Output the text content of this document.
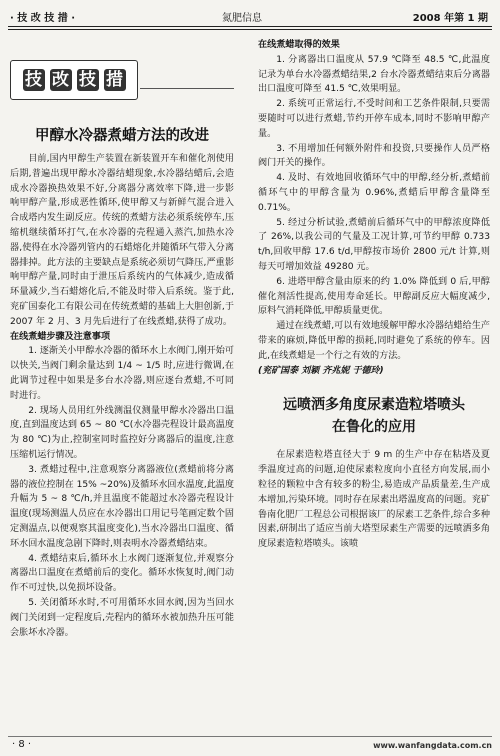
· 技 改 技 措 ·	氮肥信息	2008 年第 1 期
技 改 技 措
甲醇水冷器煮蜡方法的改进

目前,国内甲醇生产装置在新装置开车和催化剂使用后期,普遍出现甲醇水冷器结蜡现象,水冷器结蜡后,会造成水冷器换热效果不好,分离器分离效率下降,进一步影响甲醇产量,形成恶性循环,使甲醇又与新鲜气混合进入合成塔内发生副反应。传统的煮蜡方法必须系统停车,压缩机继续循环打气,在水冷器的壳程通入蒸汽,加热水冷器,使得在水冷器列管内的石蜡熔化并随循环气带入分离器排掉。此方法的主要缺点是系统必须切气降压,严重影响甲醇产量,同时由于泄压后系统内的气体减少,造成循环量减少,当石蜡熔化后,不能及时带入后系统。鉴于此,兖矿国泰化工有限公司在传统煮蜡的基础上大胆创新,于 2007 年 2 月、3 月先后进行了在线煮蜡,获得了成功。

在线煮蜡步骤及注意事项

1. 逐渐关小甲醇水冷器的循环水上水阀门,刚开始可以快关,当阀门剩余量达到 1/4 ~ 1/5 时,应进行微调,在此调节过程中如果是多台水冷器,则应逐台煮蜡,不可同时进行。

2. 现场人员用红外线测温仪测量甲醇水冷器出口温度,直到温度达到 65 ~ 80 ℃(水冷器壳程设计最高温度为 80 ℃)为止,控制室同时监控好分离器后的温度,注意压缩机运行情况。

3. 煮蜡过程中,注意观察分离器液位(煮蜡前将分离器的液位控制在 15% ~20%)及循环水回水温度,此温度升幅为 5 ~ 8 ℃/h,并且温度不能超过水冷器壳程设计温度(现场测温人员应在水冷器出口用记号笔画定数个固定测温点,以便观察其温度变化),当水冷器出口温度、循环水回水温度急剧下降时,则表明水冷器煮蜡结束。

4. 煮蜡结束后,循环水上水阀门逐渐复位,并观察分离器出口温度在煮蜡前后的变化。循环水恢复时,阀门动作不可过快,以免损坏设备。

5. 关闭循环水时,不可用循环水回水阀,因为当回水阀门关闭到一定程度后,壳程内的循环水被加热升压可能会胀坏水冷器。

在线煮蜡取得的效果

1. 分离器出口温度从 57.9 ℃降至 48.5 ℃,此温度记录为单台水冷器煮蜡结果,2 台水冷器煮蜡结束后分离器出口温度可降至 41.5 ℃,效果明显。

2. 系统可正常运行,不受时间和工艺条件限制,只要需要随时可以进行煮蜡,节约开停车成本,同时不影响甲醇产量。

3. 不用增加任何额外附件和投资,只要操作人员严格阀门开关的操作。

4. 及时、有效地回收循环气中的甲醇,经分析,煮蜡前循环气中的甲醇含量为 0.96%,煮蜡后甲醇含量降至 0.71%。

5. 经过分析试验,煮蜡前后循环气中的甲醇浓度降低了 26%,以我公司的气量及工况计算,可节约甲醇 0.733 t/h,回收甲醇 17.6 t/d,甲醇按市场价 2800 元/t 计算,则每天可增加效益 49280 元。

6. 进塔甲醇含量由原来的约 1.0% 降低到 0 后,甲醇催化剂活性提高,使用寿命延长。甲醇副反应大幅度减少,原料气消耗降低,甲醇质量更优。

通过在线煮蜡,可以有效地缓解甲醇水冷器结蜡给生产带来的麻烦,降低甲醇的损耗,同时避免了系统的停车。因此,在线煮蜡是一个行之有效的方法。

(兖矿国泰 刘颖 齐兆妮 于德玲)

远喷洒多角度尿素造粒塔喷头
在鲁化的应用

在尿素造粒塔直径大于 9 m 的生产中存在粘塔及夏季温度过高的问题,迫使尿素粒度向小直径方向发展,而小粒径的颗粒中含有较多的粉尘,易造成产品质量差,生产成本增加,污染环境。同时存在尿素出塔温度高的问题。兖矿鲁南化肥厂工程总公司根据该厂的尿素工艺条件,综合多种因素,研制出了适应当前大塔型尿素生产需要的远喷洒多角度尿素造粒塔喷头。该喷

· 8 ·	www.wanfangdata.com.cn
